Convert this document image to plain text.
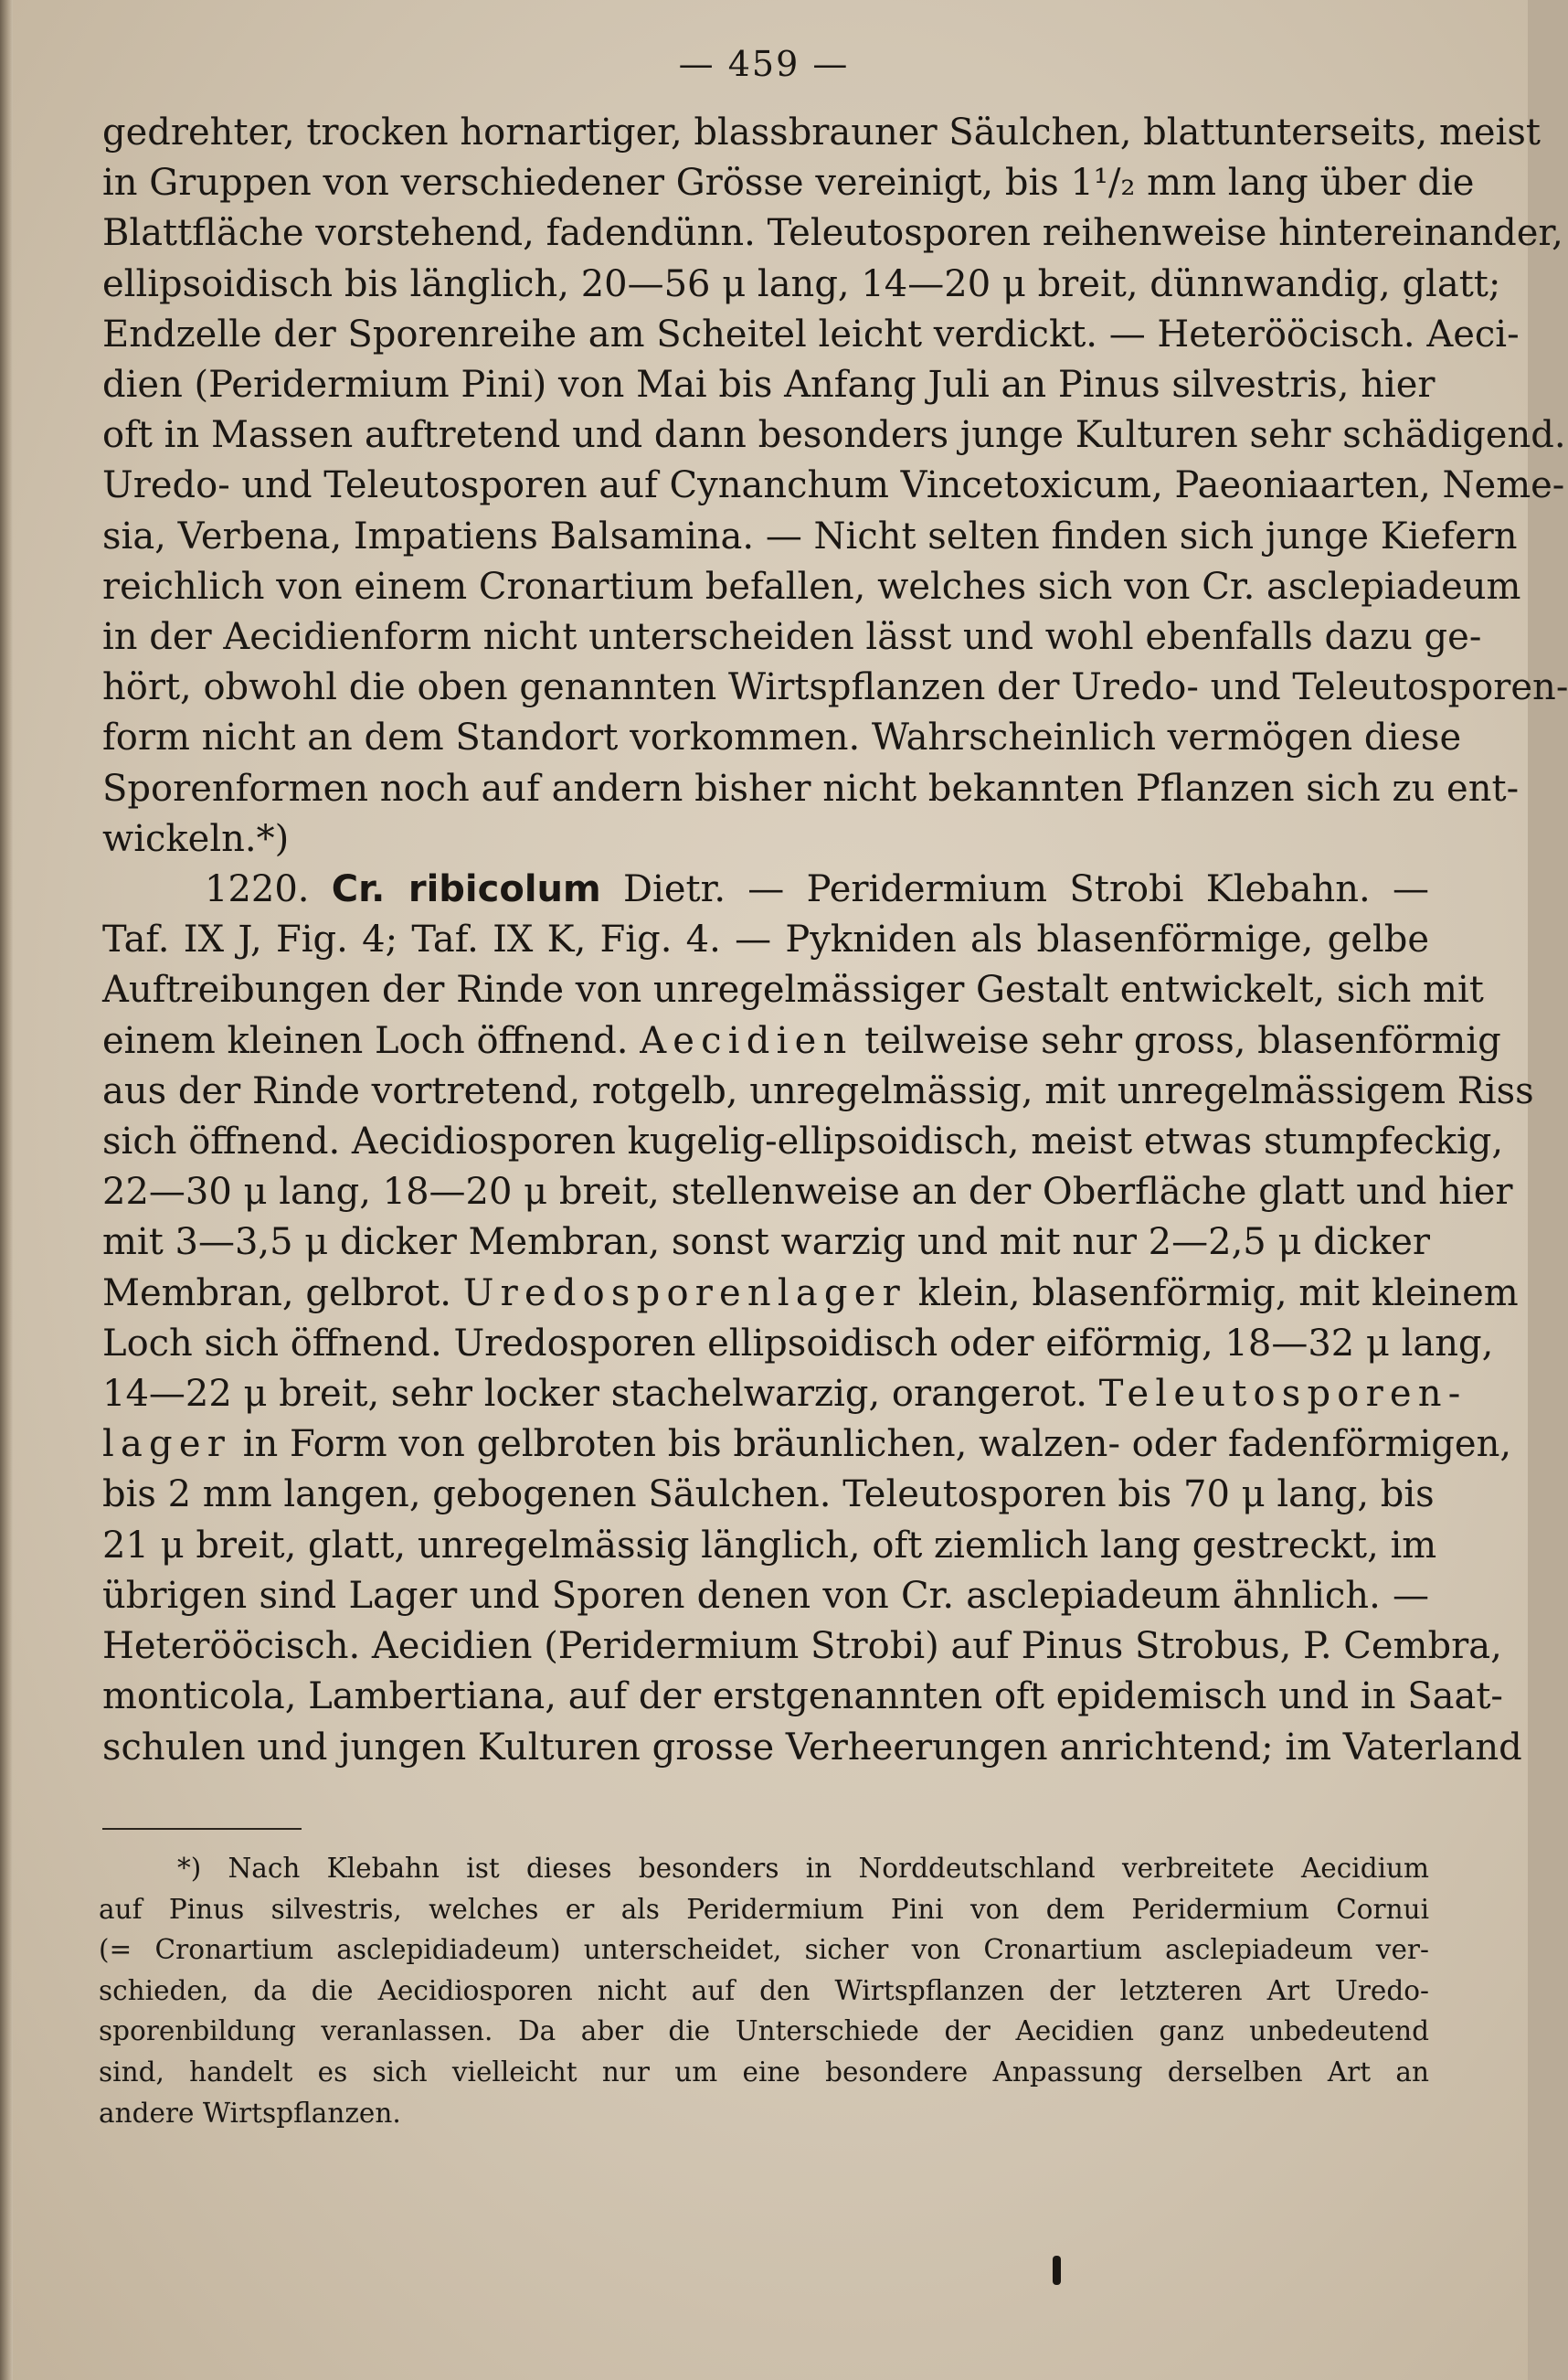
— 459 —
gedrehter, trocken hornartiger, blassbrauner Säulchen, blattunterseits, meist
in Gruppen von verschiedener Grösse vereinigt, bis 1¹/₂ mm lang über die
Blattfläche vorstehend, fadendünn. Teleutosporen reihenweise hintereinander,
ellipsoidisch bis länglich, 20—56 μ lang, 14—20 μ breit, dünnwandig, glatt;
Endzelle der Sporenreihe am Scheitel leicht verdickt. — Heterööcisch. Aeci-
dien (Peridermium Pini) von Mai bis Anfang Juli an Pinus silvestris, hier
oft in Massen auftretend und dann besonders junge Kulturen sehr schädigend.
Uredo- und Teleutosporen auf Cynanchum Vincetoxicum, Paeoniaarten, Neme-
sia, Verbena, Impatiens Balsamina. — Nicht selten finden sich junge Kiefern
reichlich von einem Cronartium befallen, welches sich von Cr. asclepiadeum
in der Aecidienform nicht unterscheiden lässt und wohl ebenfalls dazu ge-
hört, obwohl die oben genannten Wirtspflanzen der Uredo- und Teleutosporen-
form nicht an dem Standort vorkommen. Wahrscheinlich vermögen diese
Sporenformen noch auf andern bisher nicht bekannten Pflanzen sich zu ent-
wickeln.*)
1220. Cr. ribicolum Dietr. — Peridermium Strobi Klebahn. —
Taf. IX J, Fig. 4; Taf. IX K, Fig. 4. — Pykniden als blasenförmige, gelbe
Auftreibungen der Rinde von unregelmässiger Gestalt entwickelt, sich mit
einem kleinen Loch öffnend. Aecidien teilweise sehr gross, blasenförmig
aus der Rinde vortretend, rotgelb, unregelmässig, mit unregelmässigem Riss
sich öffnend. Aecidiosporen kugelig-ellipsoidisch, meist etwas stumpfeckig,
22—30 μ lang, 18—20 μ breit, stellenweise an der Oberfläche glatt und hier
mit 3—3,5 μ dicker Membran, sonst warzig und mit nur 2—2,5 μ dicker
Membran, gelbrot. Uredosporenlager klein, blasenförmig, mit kleinem
Loch sich öffnend. Uredosporen ellipsoidisch oder eiförmig, 18—32 μ lang,
14—22 μ breit, sehr locker stachelwarzig, orangerot. Teleutosporen-
lager in Form von gelbroten bis bräunlichen, walzen- oder fadenförmigen,
bis 2 mm langen, gebogenen Säulchen. Teleutosporen bis 70 μ lang, bis
21 μ breit, glatt, unregelmässig länglich, oft ziemlich lang gestreckt, im
übrigen sind Lager und Sporen denen von Cr. asclepiadeum ähnlich. —
Heterööcisch. Aecidien (Peridermium Strobi) auf Pinus Strobus, P. Cembra,
monticola, Lambertiana, auf der erstgenannten oft epidemisch und in Saat-
schulen und jungen Kulturen grosse Verheerungen anrichtend; im Vaterland
*) Nach Klebahn ist dieses besonders in Norddeutschland verbreitete Aecidium
auf Pinus silvestris, welches er als Peridermium Pini von dem Peridermium Cornui
(= Cronartium asclepidiadeum) unterscheidet, sicher von Cronartium asclepiadeum ver-
schieden, da die Aecidiosporen nicht auf den Wirtspflanzen der letzteren Art Uredo-
sporenbildung veranlassen. Da aber die Unterschiede der Aecidien ganz unbedeutend
sind, handelt es sich vielleicht nur um eine besondere Anpassung derselben Art an
andere Wirtspflanzen.
